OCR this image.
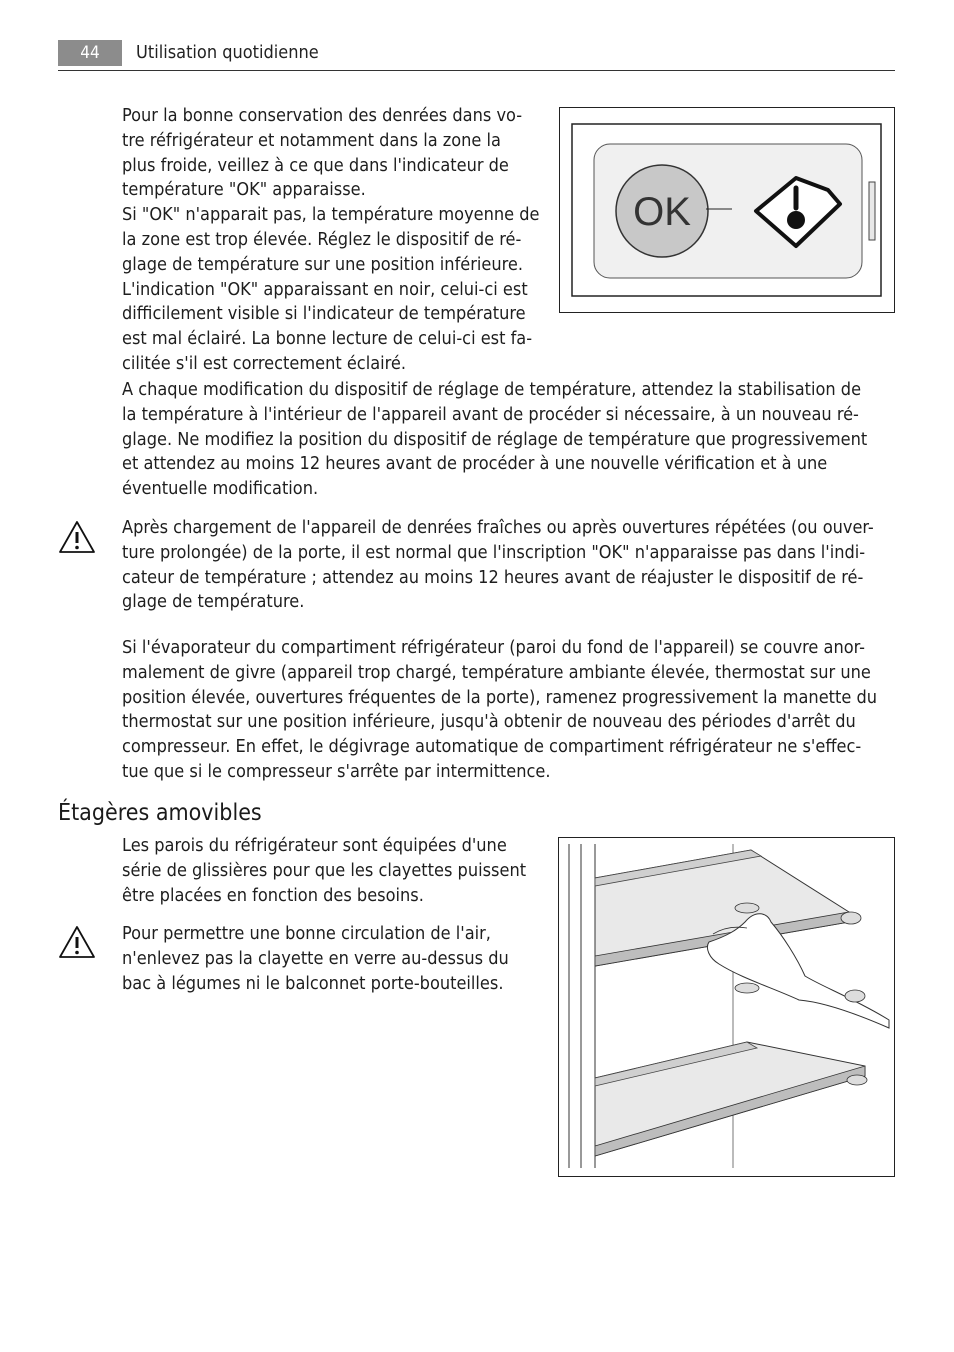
44	Utilisation quotidienne

Pour la bonne conservation des denrées dans vo-

tre réfrigérateur et notamment dans la zone la

plus froide, veillez à ce que dans l'indicateur de

température "OK" apparaisse.

Si "OK" n'apparait pas, la température moyenne de

la zone est trop élevée. Réglez le dispositif de ré-

glage de température sur une position inférieure.

L'indication "OK" apparaissant en noir, celui-ci est

difficilement visible si l'indicateur de température

est mal éclairé. La bonne lecture de celui-ci est fa-

cilitée s'il est correctement éclairé.

OK

A chaque modification du dispositif de réglage de température, attendez la stabilisation de

la température à l'intérieur de l'appareil avant de procéder si nécessaire, à un nouveau ré-

glage. Ne modifiez la position du dispositif de réglage de température que progressivement

et attendez au moins 12 heures avant de procéder à une nouvelle vérification et à une

éventuelle modification.

Après chargement de l'appareil de denrées fraîches ou après ouvertures répétées (ou ouver-

ture prolongée) de la porte, il est normal que l'inscription "OK" n'apparaisse pas dans l'indi-

cateur de température ; attendez au moins 12 heures avant de réajuster le dispositif de ré-

glage de température.

Si l'évaporateur du compartiment réfrigérateur (paroi du fond de l'appareil) se couvre anor-

malement de givre (appareil trop chargé, température ambiante élevée, thermostat sur une

position élevée, ouvertures fréquentes de la porte), ramenez progressivement la manette du

thermostat sur une position inférieure, jusqu'à obtenir de nouveau des périodes d'arrêt du

compresseur. En effet, le dégivrage automatique de compartiment réfrigérateur ne s'effec-

tue que si le compresseur s'arrête par intermittence.

Étagères amovibles

Les parois du réfrigérateur sont équipées d'une

série de glissières pour que les clayettes puissent

être placées en fonction des besoins.

Pour permettre une bonne circulation de l'air,

n'enlevez pas la clayette en verre au-dessus du

bac à légumes ni le balconnet porte-bouteilles.
